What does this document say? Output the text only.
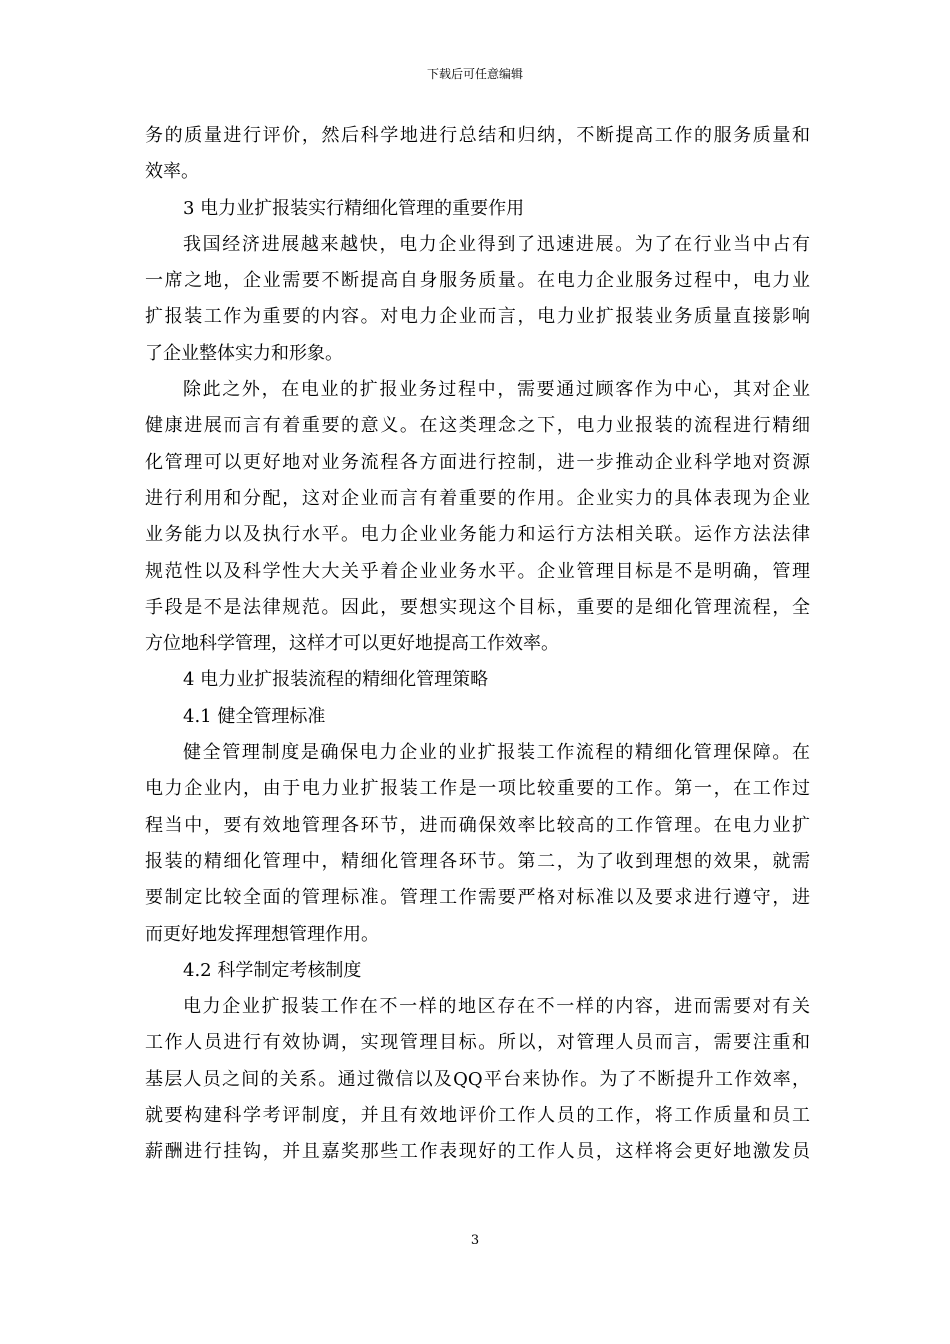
下载后可任意编辑
务的质量进行评价，然后科学地进行总结和归纳，不断提高工作的服务质量和
效率。
3 电力业扩报装实行精细化管理的重要作用
我国经济进展越来越快，电力企业得到了迅速进展。为了在行业当中占有
一席之地，企业需要不断提高自身服务质量。在电力企业服务过程中，电力业
扩报装工作为重要的内容。对电力企业而言，电力业扩报装业务质量直接影响
了企业整体实力和形象。
除此之外，在电业的扩报业务过程中，需要通过顾客作为中心，其对企业
健康进展而言有着重要的意义。在这类理念之下，电力业报装的流程进行精细
化管理可以更好地对业务流程各方面进行控制，进一步推动企业科学地对资源
进行利用和分配，这对企业而言有着重要的作用。企业实力的具体表现为企业
业务能力以及执行水平。电力企业业务能力和运行方法相关联。运作方法法律
规范性以及科学性大大关乎着企业业务水平。企业管理目标是不是明确，管理
手段是不是法律规范。因此，要想实现这个目标，重要的是细化管理流程，全
方位地科学管理，这样才可以更好地提高工作效率。
4 电力业扩报装流程的精细化管理策略
4.1 健全管理标准
健全管理制度是确保电力企业的业扩报装工作流程的精细化管理保障。在
电力企业内，由于电力业扩报装工作是一项比较重要的工作。第一，在工作过
程当中，要有效地管理各环节，进而确保效率比较高的工作管理。在电力业扩
报装的精细化管理中，精细化管理各环节。第二，为了收到理想的效果，就需
要制定比较全面的管理标准。管理工作需要严格对标准以及要求进行遵守，进
而更好地发挥理想管理作用。
4.2 科学制定考核制度
电力企业扩报装工作在不一样的地区存在不一样的内容，进而需要对有关
工作人员进行有效协调，实现管理目标。所以，对管理人员而言，需要注重和
基层人员之间的关系。通过微信以及QQ平台来协作。为了不断提升工作效率，
就要构建科学考评制度，并且有效地评价工作人员的工作，将工作质量和员工
薪酬进行挂钩，并且嘉奖那些工作表现好的工作人员，这样将会更好地激发员
3
